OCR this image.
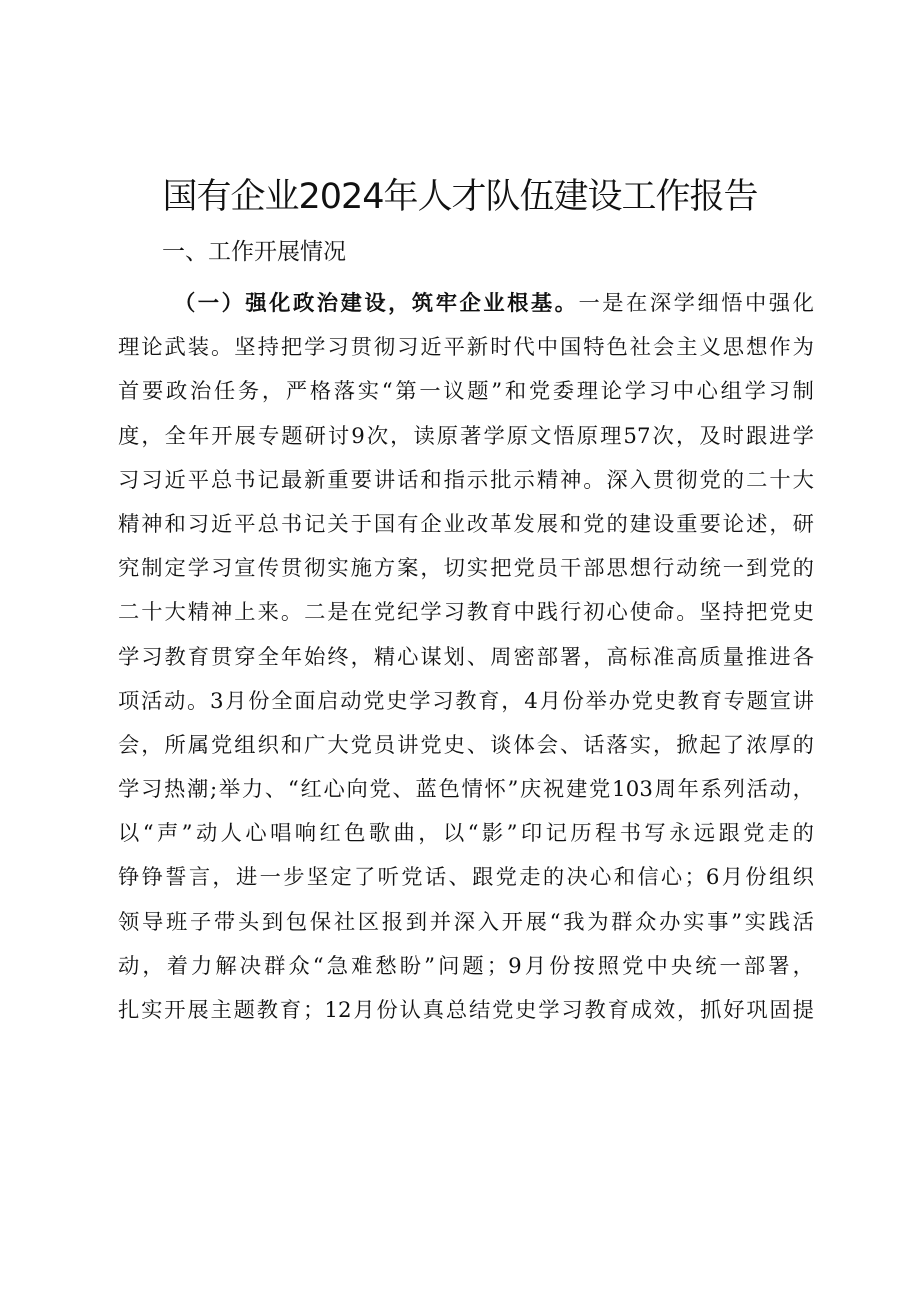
国有企业2024年人才队伍建设工作报告
一、工作开展情况
（一）强化政治建设，筑牢企业根基。一是在深学细悟中强化
理论武装。坚持把学习贯彻习近平新时代中国特色社会主义思想作为
首要政治任务，严格落实“第一议题”和党委理论学习中心组学习制
度，全年开展专题研讨9次，读原著学原文悟原理57次，及时跟进学
习习近平总书记最新重要讲话和指示批示精神。深入贯彻党的二十大
精神和习近平总书记关于国有企业改革发展和党的建设重要论述，研
究制定学习宣传贯彻实施方案，切实把党员干部思想行动统一到党的
二十大精神上来。二是在党纪学习教育中践行初心使命。坚持把党史
学习教育贯穿全年始终，精心谋划、周密部署，高标准高质量推进各
项活动。3月份全面启动党史学习教育，4月份举办党史教育专题宣讲
会，所属党组织和广大党员讲党史、谈体会、话落实，掀起了浓厚的
学习热潮;举力、“红心向党、蓝色情怀”庆祝建党103周年系列活动，
以“声”动人心唱响红色歌曲，以“影”印记历程书写永远跟党走的
铮铮誓言，进一步坚定了听党话、跟党走的决心和信心；6月份组织
领导班子带头到包保社区报到并深入开展“我为群众办实事”实践活
动，着力解决群众“急难愁盼”问题；9月份按照党中央统一部署，
扎实开展主题教育；12月份认真总结党史学习教育成效，抓好巩固提
